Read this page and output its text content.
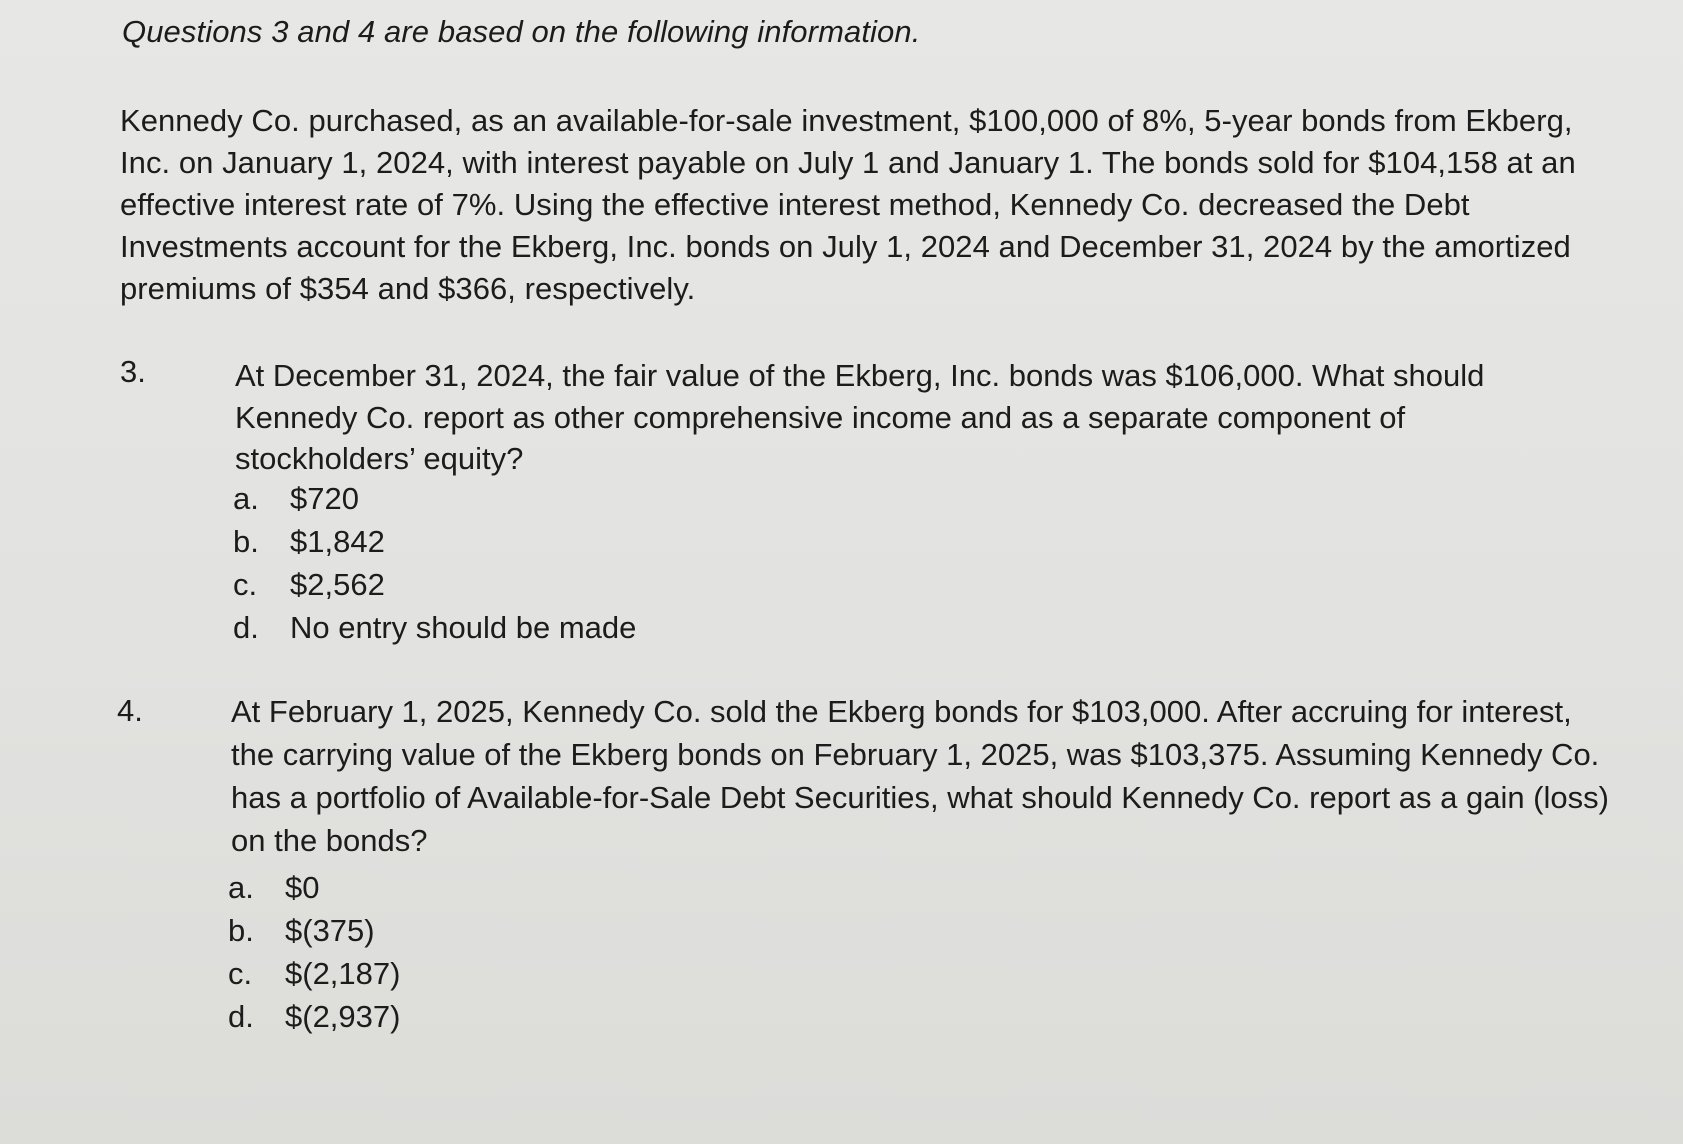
Questions 3 and 4 are based on the following information.
Kennedy Co. purchased, as an available-for-sale investment, $100,000 of 8%, 5-year bonds from Ekberg, Inc. on January 1, 2024, with interest payable on July 1 and January 1. The bonds sold for $104,158 at an effective interest rate of 7%. Using the effective interest method, Kennedy Co. decreased the Debt Investments account for the Ekberg, Inc. bonds on July 1, 2024 and December 31, 2024 by the amortized premiums of $354 and $366, respectively.
3.	At December 31, 2024, the fair value of the Ekberg, Inc. bonds was $106,000. What should Kennedy Co. report as other comprehensive income and as a separate component of stockholders’ equity?
a.	$720
b.	$1,842
c.	$2,562
d.	No entry should be made
4.	At February 1, 2025, Kennedy Co. sold the Ekberg bonds for $103,000. After accruing for interest, the carrying value of the Ekberg bonds on February 1, 2025, was $103,375. Assuming Kennedy Co. has a portfolio of Available-for-Sale Debt Securities, what should Kennedy Co. report as a gain (loss) on the bonds?
a.	$0
b.	$(375)
c.	$(2,187)
d.	$(2,937)
